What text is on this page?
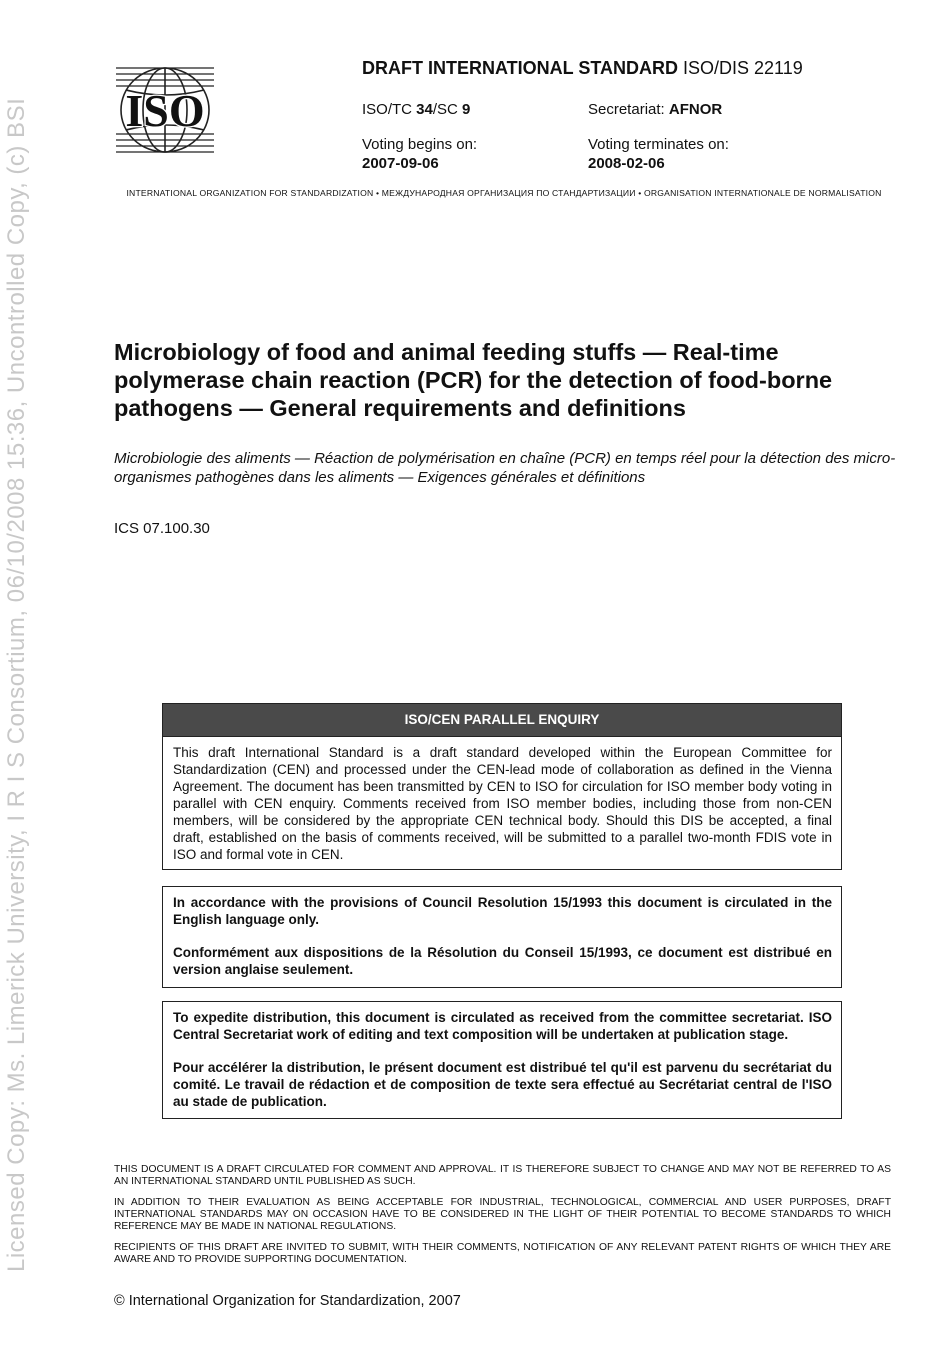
Licensed Copy: Ms. Limerick University, I R I S Consortium, 06/10/2008 15:36, Uncontrolled Copy, (c) BSI ISO
DRAFT INTERNATIONAL STANDARD ISO/DIS 22119
ISO/TC 34/SC 9	Secretariat: AFNOR
Voting begins on:
2007-09-06
Voting terminates on:
2008-02-06
INTERNATIONAL ORGANIZATION FOR STANDARDIZATION • МЕЖДУНАРОДНАЯ ОРГАНИЗАЦИЯ ПО СТАНДАРТИЗАЦИИ • ORGANISATION INTERNATIONALE DE NORMALISATION
Microbiology of food and animal feeding stuffs — Real-time polymerase chain reaction (PCR) for the detection of food-borne pathogens — General requirements and definitions
Microbiologie des aliments — Réaction de polymérisation en chaîne (PCR) en temps réel pour la détection des micro-organismes pathogènes dans les aliments — Exigences générales et définitions
ICS 07.100.30
ISO/CEN PARALLEL ENQUIRY

This draft International Standard is a draft standard developed within the European Committee for Standardization (CEN) and processed under the CEN-lead mode of collaboration as defined in the Vienna Agreement. The document has been transmitted by CEN to ISO for circulation for ISO member body voting in parallel with CEN enquiry. Comments received from ISO member bodies, including those from non-CEN members, will be considered by the appropriate CEN technical body. Should this DIS be accepted, a final draft, established on the basis of comments received, will be submitted to a parallel two-month FDIS vote in ISO and formal vote in CEN.

In accordance with the provisions of Council Resolution 15/1993 this document is circulated in the English language only.

Conformément aux dispositions de la Résolution du Conseil 15/1993, ce document est distribué en version anglaise seulement.

To expedite distribution, this document is circulated as received from the committee secretariat. ISO Central Secretariat work of editing and text composition will be undertaken at publication stage.

Pour accélérer la distribution, le présent document est distribué tel qu'il est parvenu du secrétariat du comité. Le travail de rédaction et de composition de texte sera effectué au Secrétariat central de l'ISO au stade de publication.

THIS DOCUMENT IS A DRAFT CIRCULATED FOR COMMENT AND APPROVAL. IT IS THEREFORE SUBJECT TO CHANGE AND MAY NOT BE REFERRED TO AS AN INTERNATIONAL STANDARD UNTIL PUBLISHED AS SUCH.
IN ADDITION TO THEIR EVALUATION AS BEING ACCEPTABLE FOR INDUSTRIAL, TECHNOLOGICAL, COMMERCIAL AND USER PURPOSES, DRAFT INTERNATIONAL STANDARDS MAY ON OCCASION HAVE TO BE CONSIDERED IN THE LIGHT OF THEIR POTENTIAL TO BECOME STANDARDS TO WHICH REFERENCE MAY BE MADE IN NATIONAL REGULATIONS.
RECIPIENTS OF THIS DRAFT ARE INVITED TO SUBMIT, WITH THEIR COMMENTS, NOTIFICATION OF ANY RELEVANT PATENT RIGHTS OF WHICH THEY ARE AWARE AND TO PROVIDE SUPPORTING DOCUMENTATION.
© International Organization for Standardization, 2007
